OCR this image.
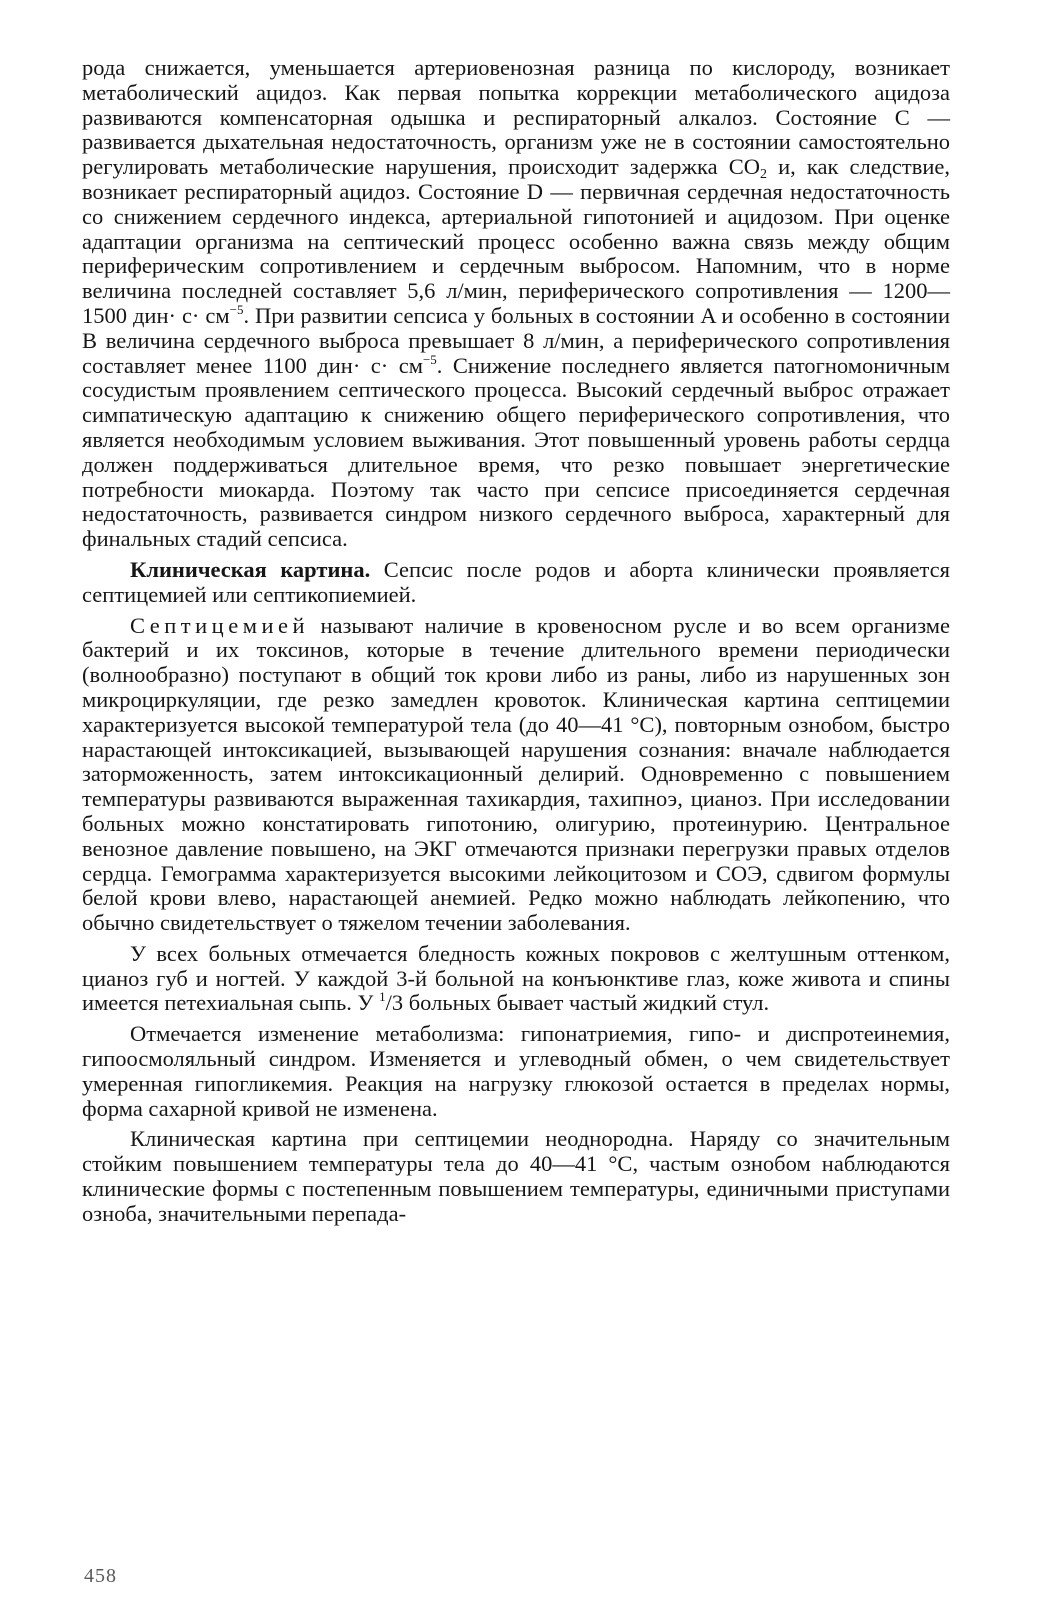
рода снижается, уменьшается артериовенозная разница по кислороду, возникает метаболический ацидоз. Как первая попытка коррекции метаболического ацидоза развиваются компенсаторная одышка и респираторный алкалоз. Состояние С — развивается дыхательная недостаточность, организм уже не в состоянии самостоятельно регулировать метаболические нарушения, происходит задержка $CO_2$ и, как следствие, возникает респираторный ацидоз. Состояние D — первичная сердечная недостаточность со снижением сердечного индекса, артериальной гипотонией и ацидозом. При оценке адаптации организма на септический процесс особенно важна связь между общим периферическим сопротивлением и сердечным выбросом. Напомним, что в норме величина последней составляет 5,6 л/мин, периферического сопротивления — 1200—1500 $дин\cdot с\cdot см^{-5}$. При развитии сепсиса у больных в состоянии A и особенно в состоянии B величина сердечного выброса превышает 8 л/мин, а периферического сопротивления составляет менее 1100 $дин\cdot с\cdot см^{-5}$. Снижение последнего является патогномоничным сосудистым проявлением септического процесса. Высокий сердечный выброс отражает симпатическую адаптацию к снижению общего периферического сопротивления, что является необходимым условием выживания. Этот повышенный уровень работы сердца должен поддерживаться длительное время, что резко повышает энергетические потребности миокарда. Поэтому так часто при сепсисе присоединяется сердечная недостаточность, развивается синдром низкого сердечного выброса, характерный для финальных стадий сепсиса.

Клиническая картина. Сепсис после родов и аборта клинически проявляется септицемией или септикопиемией.

Септицемией называют наличие в кровеносном русле и во всем организме бактерий и их токсинов, которые в течение длительного времени периодически (волнообразно) поступают в общий ток крови либо из раны, либо из нарушенных зон микроциркуляции, где резко замедлен кровоток. Клиническая картина септицемии характеризуется высокой температурой тела (до 40—41 °C), повторным ознобом, быстро нарастающей интоксикацией, вызывающей нарушения сознания: вначале наблюдается заторможенность, затем интоксикационный делирий. Одновременно с повышением температуры развиваются выраженная тахикардия, тахипноэ, цианоз. При исследовании больных можно констатировать гипотонию, олигурию, протеинурию. Центральное венозное давление повышено, на ЭКГ отмечаются признаки перегрузки правых отделов сердца. Гемограмма характеризуется высокими лейкоцитозом и СОЭ, сдвигом формулы белой крови влево, нарастающей анемией. Редко можно наблюдать лейкопению, что обычно свидетельствует о тяжелом течении заболевания.

У всех больных отмечается бледность кожных покровов с желтушным оттенком, цианоз губ и ногтей. У каждой 3-й больной на конъюнктиве глаз, коже живота и спины имеется петехиальная сыпь. У $^1$/3 больных бывает частый жидкий стул.

Отмечается изменение метаболизма: гипонатриемия, гипо- и диспротеинемия, гипоосмоляльный синдром. Изменяется и углеводный обмен, о чем свидетельствует умеренная гипогликемия. Реакция на нагрузку глюкозой остается в пределах нормы, форма сахарной кривой не изменена.

Клиническая картина при септицемии неоднородна. Наряду со значительным стойким повышением температуры тела до 40—41 °C, частым ознобом наблюдаются клинические формы с постепенным повышением температуры, единичными приступами озноба, значительными перепада-

458
